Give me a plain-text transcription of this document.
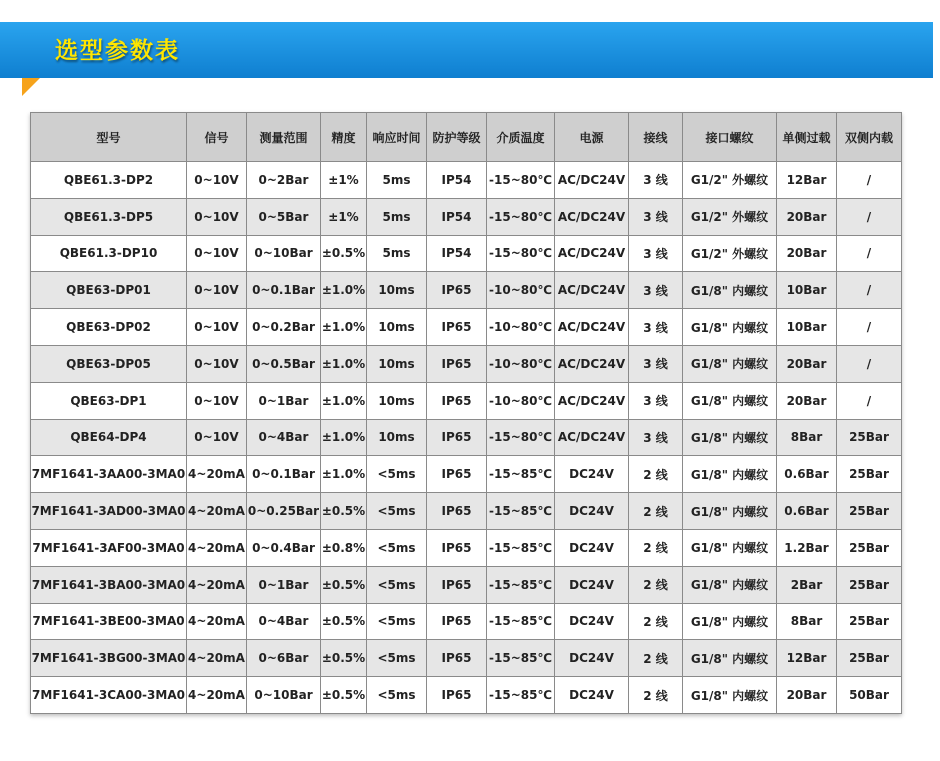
选型参数表
型号	信号	测量范围	精度	响应时间	防护等级	介质温度	电源	接线	接口螺纹	单侧过载	双侧内载
QBE61.3-DP2	0~10V	0~2Bar	±1%	5ms	IP54	-15~80℃	AC/DC24V	3 线	G1/2" 外螺纹	12Bar	/
QBE61.3-DP5	0~10V	0~5Bar	±1%	5ms	IP54	-15~80℃	AC/DC24V	3 线	G1/2" 外螺纹	20Bar	/
QBE61.3-DP10	0~10V	0~10Bar	±0.5%	5ms	IP54	-15~80℃	AC/DC24V	3 线	G1/2" 外螺纹	20Bar	/
QBE63-DP01	0~10V	0~0.1Bar	±1.0%	10ms	IP65	-10~80℃	AC/DC24V	3 线	G1/8" 内螺纹	10Bar	/
QBE63-DP02	0~10V	0~0.2Bar	±1.0%	10ms	IP65	-10~80℃	AC/DC24V	3 线	G1/8" 内螺纹	10Bar	/
QBE63-DP05	0~10V	0~0.5Bar	±1.0%	10ms	IP65	-10~80℃	AC/DC24V	3 线	G1/8" 内螺纹	20Bar	/
QBE63-DP1	0~10V	0~1Bar	±1.0%	10ms	IP65	-10~80℃	AC/DC24V	3 线	G1/8" 内螺纹	20Bar	/
QBE64-DP4	0~10V	0~4Bar	±1.0%	10ms	IP65	-15~80℃	AC/DC24V	3 线	G1/8" 内螺纹	8Bar	25Bar
7MF1641-3AA00-3MA0	4~20mA	0~0.1Bar	±1.0%	<5ms	IP65	-15~85℃	DC24V	2 线	G1/8" 内螺纹	0.6Bar	25Bar
7MF1641-3AD00-3MA0	4~20mA	0~0.25Bar	±0.5%	<5ms	IP65	-15~85℃	DC24V	2 线	G1/8" 内螺纹	0.6Bar	25Bar
7MF1641-3AF00-3MA0	4~20mA	0~0.4Bar	±0.8%	<5ms	IP65	-15~85℃	DC24V	2 线	G1/8" 内螺纹	1.2Bar	25Bar
7MF1641-3BA00-3MA0	4~20mA	0~1Bar	±0.5%	<5ms	IP65	-15~85℃	DC24V	2 线	G1/8" 内螺纹	2Bar	25Bar
7MF1641-3BE00-3MA0	4~20mA	0~4Bar	±0.5%	<5ms	IP65	-15~85℃	DC24V	2 线	G1/8" 内螺纹	8Bar	25Bar
7MF1641-3BG00-3MA0	4~20mA	0~6Bar	±0.5%	<5ms	IP65	-15~85℃	DC24V	2 线	G1/8" 内螺纹	12Bar	25Bar
7MF1641-3CA00-3MA0	4~20mA	0~10Bar	±0.5%	<5ms	IP65	-15~85℃	DC24V	2 线	G1/8" 内螺纹	20Bar	50Bar
